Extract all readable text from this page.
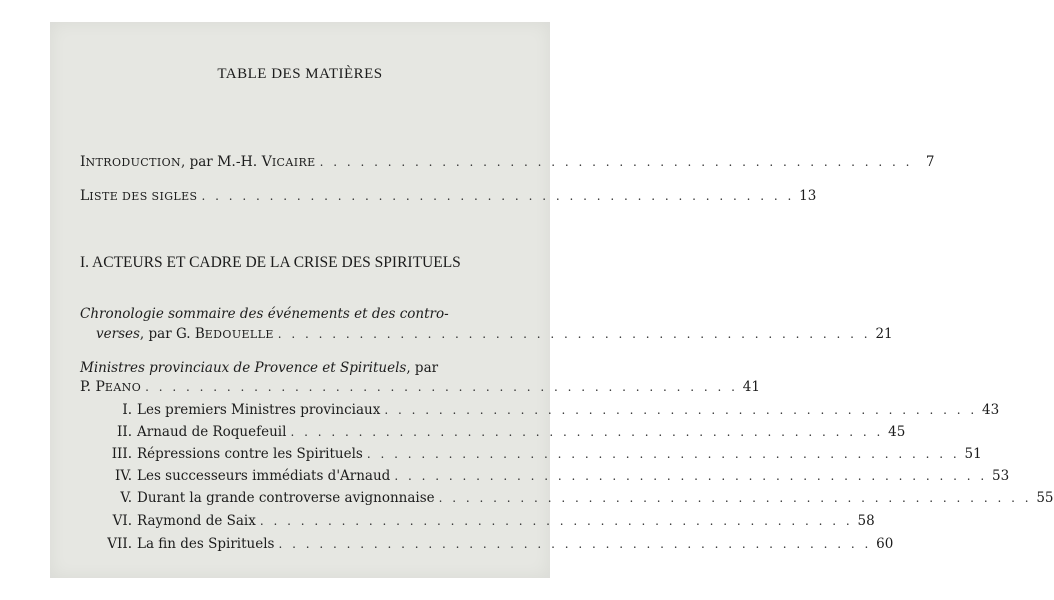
TABLE DES MATIÈRES
INTRODUCTION, par M.-H. VICAIRE . . . . . . . . . . . . . . . . . . . . . . . . . . . . . . . . . . . . . . . . . . . . 7
LISTE DES SIGLES . . . . . . . . . . . . . . . . . . . . . . . . . . . . . . . . . . . . . . . . . . . . 13
I. ACTEURS ET CADRE DE LA CRISE DES SPIRITUELS
Chronologie sommaire des événements et des contro-
verses, par G. BEDOUELLE . . . . . . . . . . . . . . . . . . . . . . . . . . . . . . . . . . . . . . . . . . . . 21
Ministres provinciaux de Provence et Spirituels, par
P. PEANO . . . . . . . . . . . . . . . . . . . . . . . . . . . . . . . . . . . . . . . . . . . . 41
I. Les premiers Ministres provinciaux . . . . . . . . . . . . . . . . . . . . . . . . . . . . . . . . . . . . . . . . . . . . 43
II. Arnaud de Roquefeuil . . . . . . . . . . . . . . . . . . . . . . . . . . . . . . . . . . . . . . . . . . . . 45
III. Répressions contre les Spirituels . . . . . . . . . . . . . . . . . . . . . . . . . . . . . . . . . . . . . . . . . . . . 51
IV. Les successeurs immédiats d'Arnaud . . . . . . . . . . . . . . . . . . . . . . . . . . . . . . . . . . . . . . . . . . . . 53
V. Durant la grande controverse avignonnaise . . . . . . . . . . . . . . . . . . . . . . . . . . . . . . . . . . . . . . . . . . . . 55
VI. Raymond de Saix . . . . . . . . . . . . . . . . . . . . . . . . . . . . . . . . . . . . . . . . . . . . 58
VII. La fin des Spirituels . . . . . . . . . . . . . . . . . . . . . . . . . . . . . . . . . . . . . . . . . . . . 60
